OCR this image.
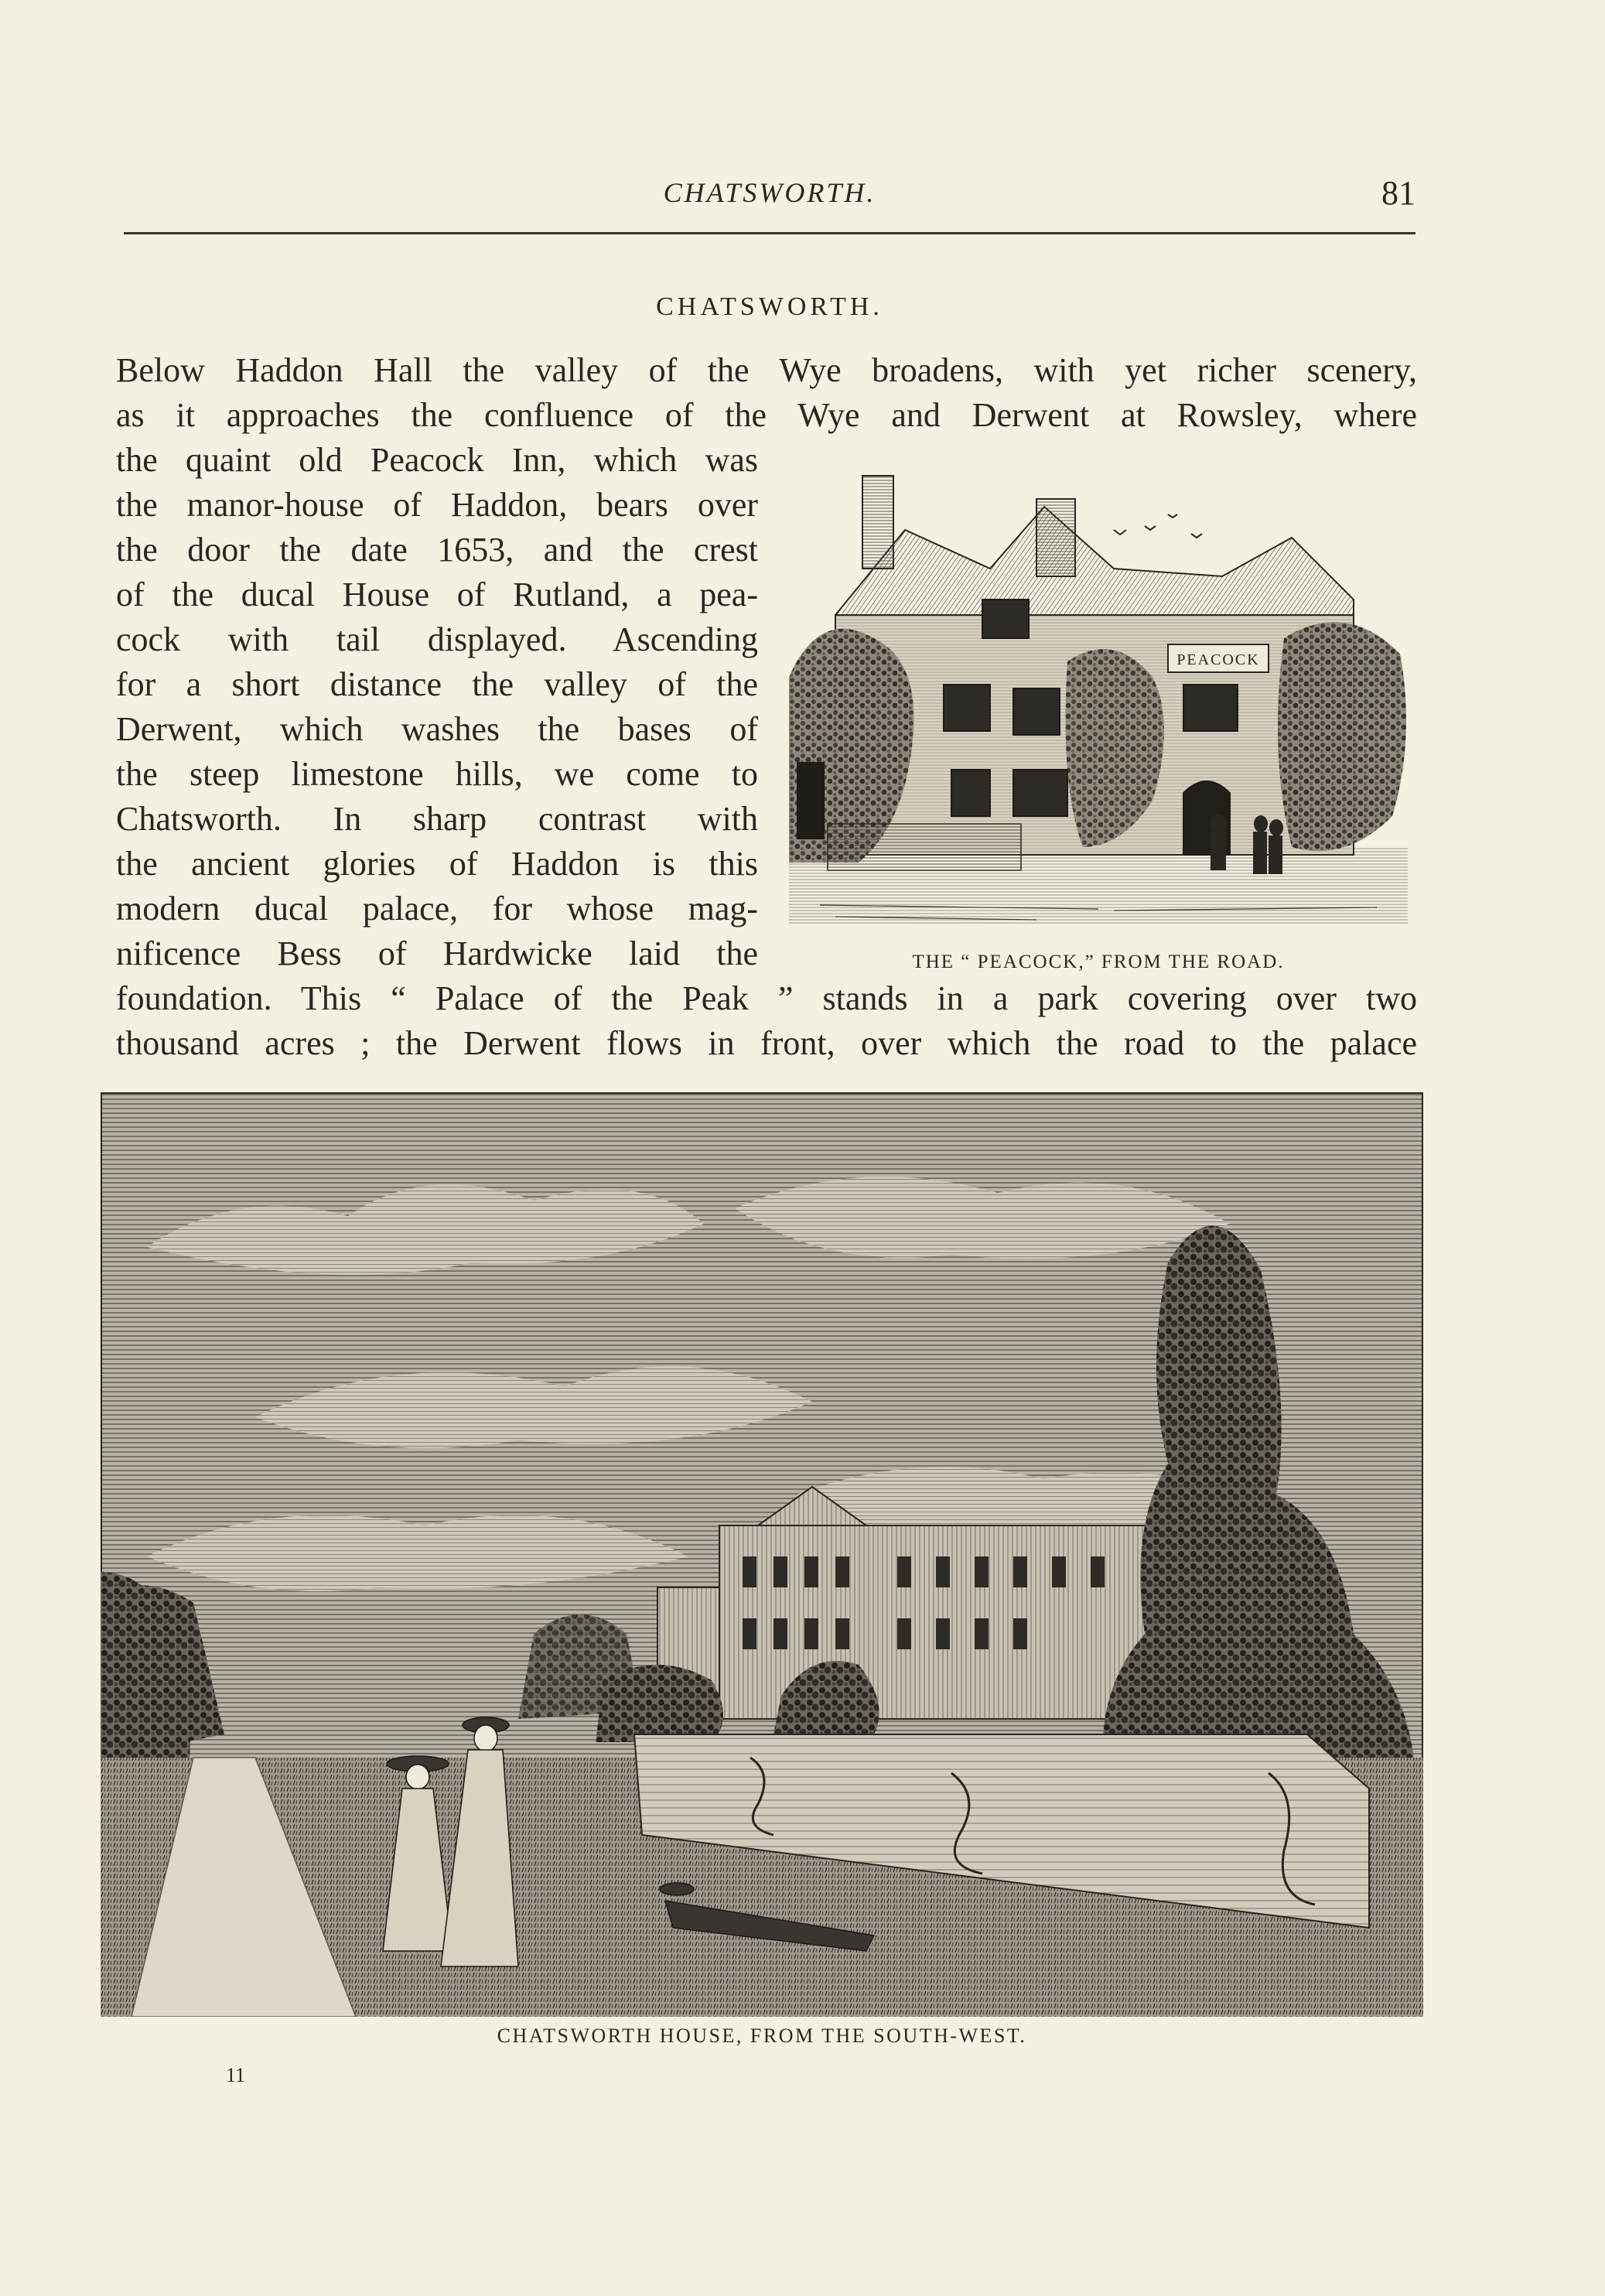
CHATSWORTH.	81
CHATSWORTH.
Below Haddon Hall the valley of the Wye broadens, with yet richer scenery,
as it approaches the confluence of the Wye and Derwent at Rowsley, where
the quaint old Peacock Inn, which was
the manor-house of Haddon, bears over
the door the date 1653, and the crest
of the ducal House of Rutland, a pea-
cock with tail displayed. Ascending
for a short distance the valley of the
Derwent, which washes the bases of
the steep limestone hills, we come to
Chatsworth. In sharp contrast with
the ancient glories of Haddon is this
modern ducal palace, for whose mag-
nificence Bess of Hardwicke laid the
foundation. This “ Palace of the Peak ” stands in a park covering over two
thousand acres ; the Derwent flows in front, over which the road to the palace
PEACOCK
THE “ PEACOCK,” FROM THE ROAD.
CHATSWORTH HOUSE, FROM THE SOUTH-WEST.
11
